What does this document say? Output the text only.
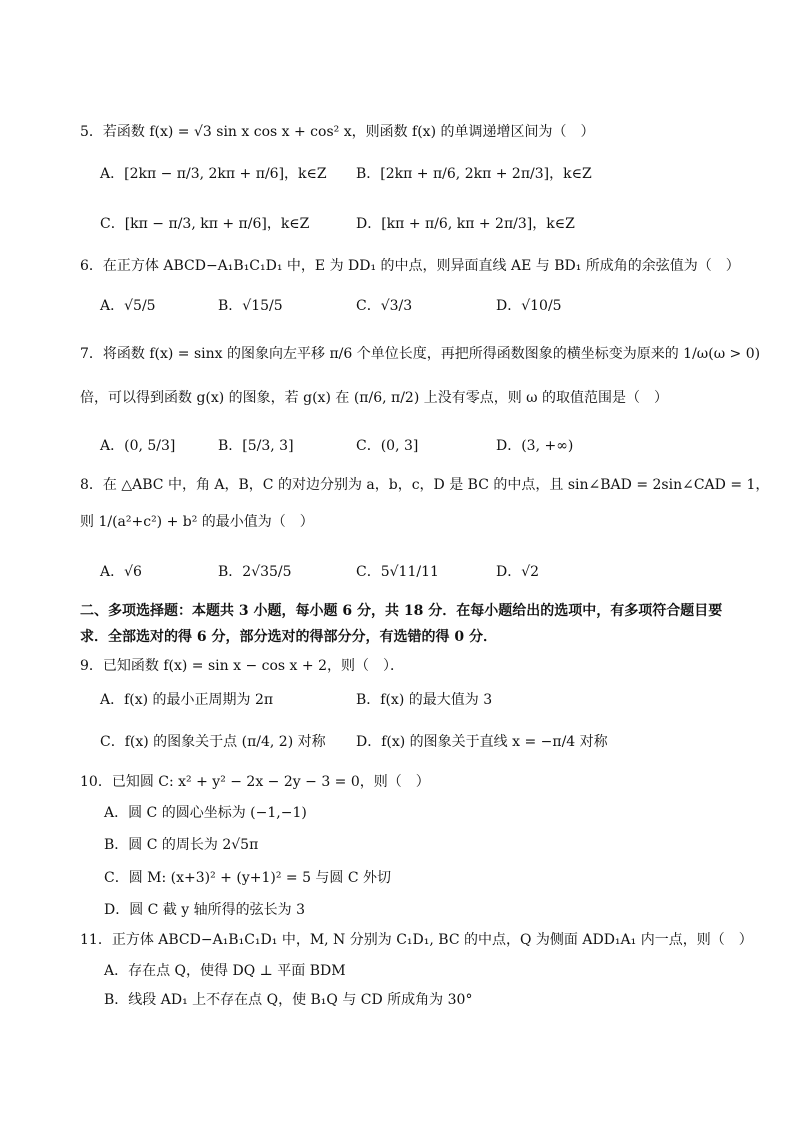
5．若函数 f(x) = √3 sin x cos x + cos² x，则函数 f(x) 的单调递增区间为（　）
A．[2kπ − π/3, 2kπ + π/6]，k∈Z B．[2kπ + π/6, 2kπ + 2π/3]，k∈Z
C．[kπ − π/3, kπ + π/6]，k∈Z	D．[kπ + π/6, kπ + 2π/3]，k∈Z
6．在正方体 ABCD−A₁B₁C₁D₁ 中，E 为 DD₁ 的中点，则异面直线 AE 与 BD₁ 所成角的余弦值为（　）
A．√5/5	B．√15/5	C．√3/3	D．√10/5
7．将函数 f(x) = sinx 的图象向左平移 π/6 个单位长度，再把所得函数图象的横坐标变为原来的 1/ω(ω > 0)
倍，可以得到函数 g(x) 的图象，若 g(x) 在 (π/6, π/2) 上没有零点，则 ω 的取值范围是（　）
A．(0, 5/3]	B．[5/3, 3]	C．(0, 3]	D．(3, +∞)
8．在 △ABC 中，角 A，B，C 的对边分别为 a，b，c，D 是 BC 的中点，且 sin∠BAD = 2sin∠CAD = 1，
则 1/(a²+c²) + b² 的最小值为（　）
A．√6	B．2√35/5	C．5√11/11	D．√2
二、多项选择题：本题共 3 小题，每小题 6 分，共 18 分．在每小题给出的选项中，有多项符合题目要
求．全部选对的得 6 分，部分选对的得部分分，有选错的得 0 分．
9．已知函数 f(x) = sin x − cos x + 2，则（　）．
A．f(x) 的最小正周期为 2π	B．f(x) 的最大值为 3
C．f(x) 的图象关于点 (π/4, 2) 对称 D．f(x) 的图象关于直线 x = −π/4 对称
10．已知圆 C: x² + y² − 2x − 2y − 3 = 0，则（　）
A．圆 C 的圆心坐标为 (−1,−1)
B．圆 C 的周长为 2√5π
C．圆 M: (x+3)² + (y+1)² = 5 与圆 C 外切
D．圆 C 截 y 轴所得的弦长为 3
11．正方体 ABCD−A₁B₁C₁D₁ 中，M, N 分别为 C₁D₁, BC 的中点，Q 为侧面 ADD₁A₁ 内一点，则（　）
A．存在点 Q，使得 DQ ⊥ 平面 BDM
B．线段 AD₁ 上不存在点 Q，使 B₁Q 与 CD 所成角为 30°
